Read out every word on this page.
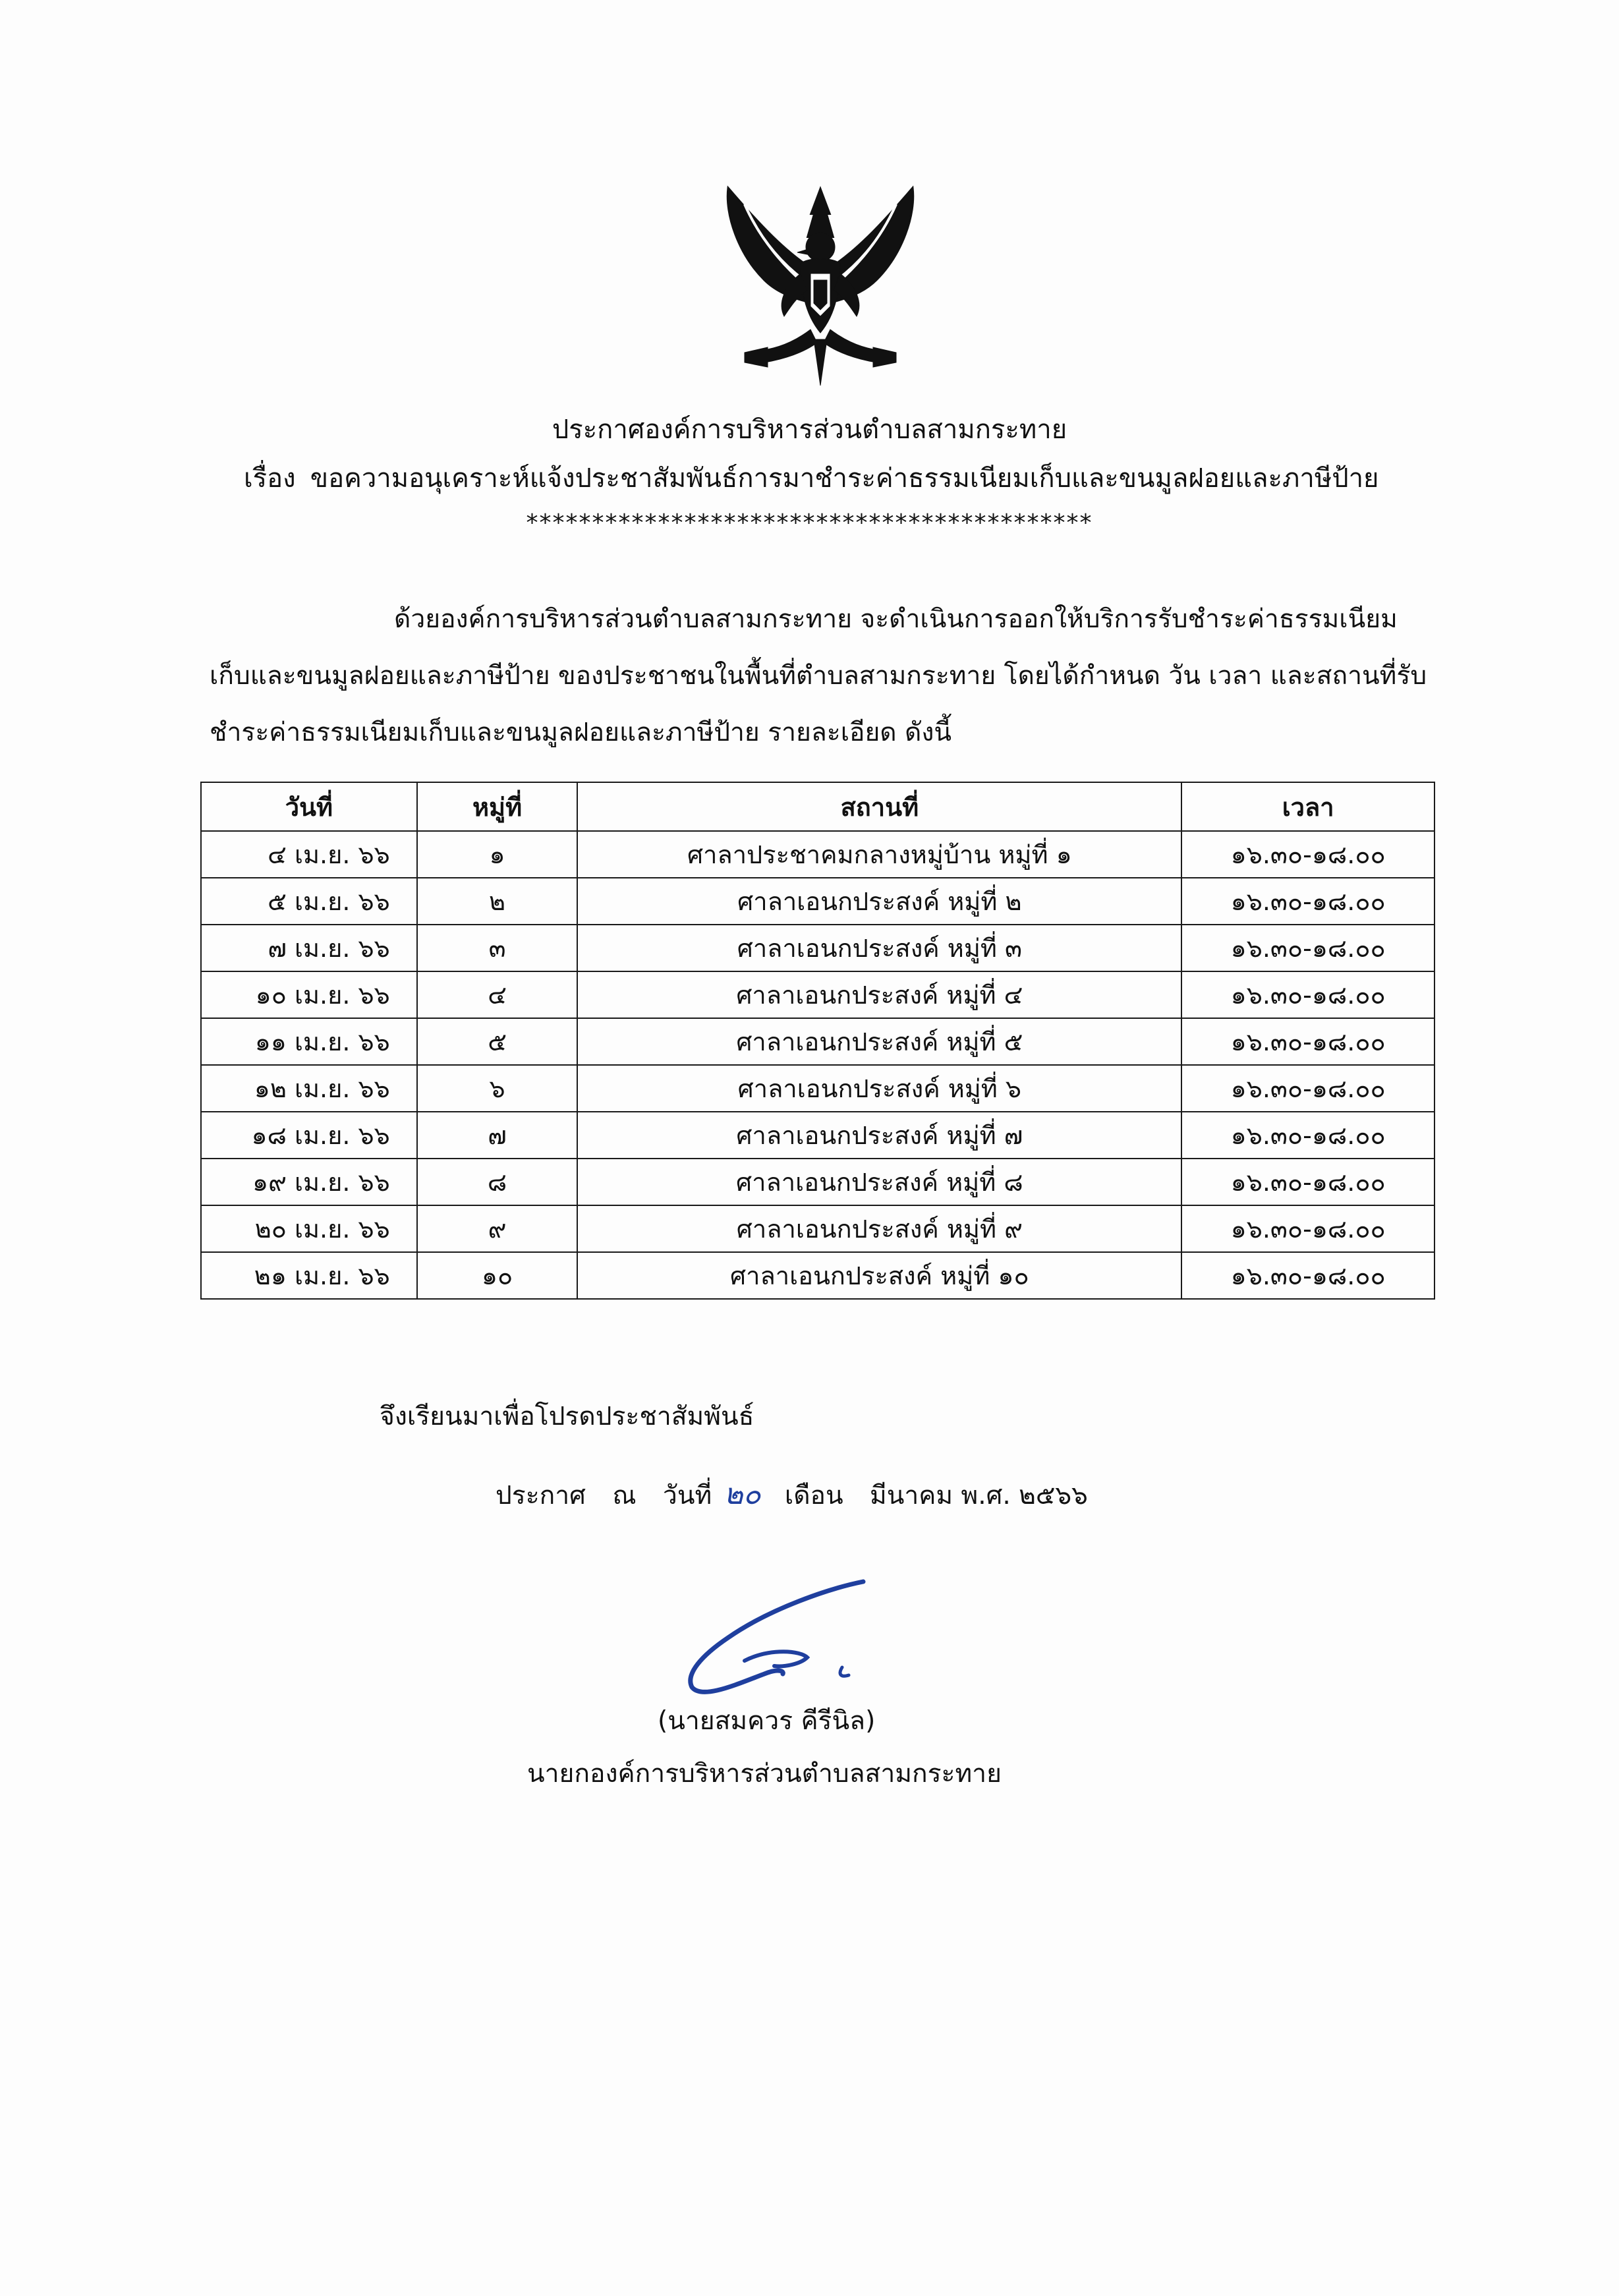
ประกาศองค์การบริหารส่วนตำบลสามกระทาย
เรื่อง ขอความอนุเคราะห์แจ้งประชาสัมพันธ์การมาชำระค่าธรรมเนียมเก็บและขนมูลฝอยและภาษีป้าย
*******************************************
ด้วยองค์การบริหารส่วนตำบลสามกระทาย จะดำเนินการออกให้บริการรับชำระค่าธรรมเนียม
เก็บและขนมูลฝอยและภาษีป้าย ของประชาชนในพื้นที่ตำบลสามกระทาย โดยได้กำหนด วัน เวลา และสถานที่รับ
ชำระค่าธรรมเนียมเก็บและขนมูลฝอยและภาษีป้าย รายละเอียด ดังนี้
วันที่	หมู่ที่	สถานที่	เวลา
๔ เม.ย. ๖๖	๑	ศาลาประชาคมกลางหมู่บ้าน หมู่ที่ ๑	๑๖.๓๐-๑๘.๐๐
๕ เม.ย. ๖๖	๒	ศาลาเอนกประสงค์ หมู่ที่ ๒	๑๖.๓๐-๑๘.๐๐
๗ เม.ย. ๖๖	๓	ศาลาเอนกประสงค์ หมู่ที่ ๓	๑๖.๓๐-๑๘.๐๐
๑๐ เม.ย. ๖๖	๔	ศาลาเอนกประสงค์ หมู่ที่ ๔	๑๖.๓๐-๑๘.๐๐
๑๑ เม.ย. ๖๖	๕	ศาลาเอนกประสงค์ หมู่ที่ ๕	๑๖.๓๐-๑๘.๐๐
๑๒ เม.ย. ๖๖	๖	ศาลาเอนกประสงค์ หมู่ที่ ๖	๑๖.๓๐-๑๘.๐๐
๑๘ เม.ย. ๖๖	๗	ศาลาเอนกประสงค์ หมู่ที่ ๗	๑๖.๓๐-๑๘.๐๐
๑๙ เม.ย. ๖๖	๘	ศาลาเอนกประสงค์ หมู่ที่ ๘	๑๖.๓๐-๑๘.๐๐
๒๐ เม.ย. ๖๖	๙	ศาลาเอนกประสงค์ หมู่ที่ ๙	๑๖.๓๐-๑๘.๐๐
๒๑ เม.ย. ๖๖	๑๐	ศาลาเอนกประสงค์ หมู่ที่ ๑๐	๑๖.๓๐-๑๘.๐๐
จึงเรียนมาเพื่อโปรดประชาสัมพันธ์
ประกาศ ณ วันที่ ๒๐ เดือน มีนาคม พ.ศ. ๒๕๖๖
(นายสมควร คีรีนิล)
นายกองค์การบริหารส่วนตำบลสามกระทาย
